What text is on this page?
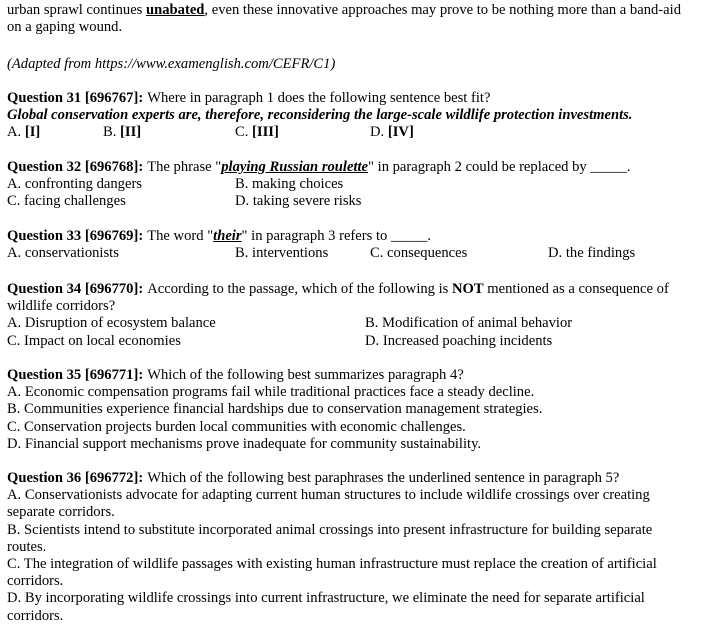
urban sprawl continues unabated, even these innovative approaches may prove to be nothing more than a band-aid on a gaping wound.
(Adapted from https://www.examenglish.com/CEFR/C1)
Question 31 [696767]: Where in paragraph 1 does the following sentence best fit?
Global conservation experts are, therefore, reconsidering the large-scale wildlife protection investments.
A. [I]	B. [II]	C. [III]	D. [IV]
Question 32 [696768]: The phrase "playing Russian roulette" in paragraph 2 could be replaced by _____.
A. confronting dangers	B. making choices
C. facing challenges	D. taking severe risks
Question 33 [696769]: The word "their" in paragraph 3 refers to _____.
A. conservationists	B. interventions	C. consequences	D. the findings
Question 34 [696770]: According to the passage, which of the following is NOT mentioned as a consequence of wildlife corridors?
A. Disruption of ecosystem balance	B. Modification of animal behavior
C. Impact on local economies	D. Increased poaching incidents
Question 35 [696771]: Which of the following best summarizes paragraph 4?
A. Economic compensation programs fail while traditional practices face a steady decline.
B. Communities experience financial hardships due to conservation management strategies.
C. Conservation projects burden local communities with economic challenges.
D. Financial support mechanisms prove inadequate for community sustainability.
Question 36 [696772]: Which of the following best paraphrases the underlined sentence in paragraph 5?
A. Conservationists advocate for adapting current human structures to include wildlife crossings over creating separate corridors.
B. Scientists intend to substitute incorporated animal crossings into present infrastructure for building separate routes.
C. The integration of wildlife passages with existing human infrastructure must replace the creation of artificial corridors.
D. By incorporating wildlife crossings into current infrastructure, we eliminate the need for separate artificial corridors.
